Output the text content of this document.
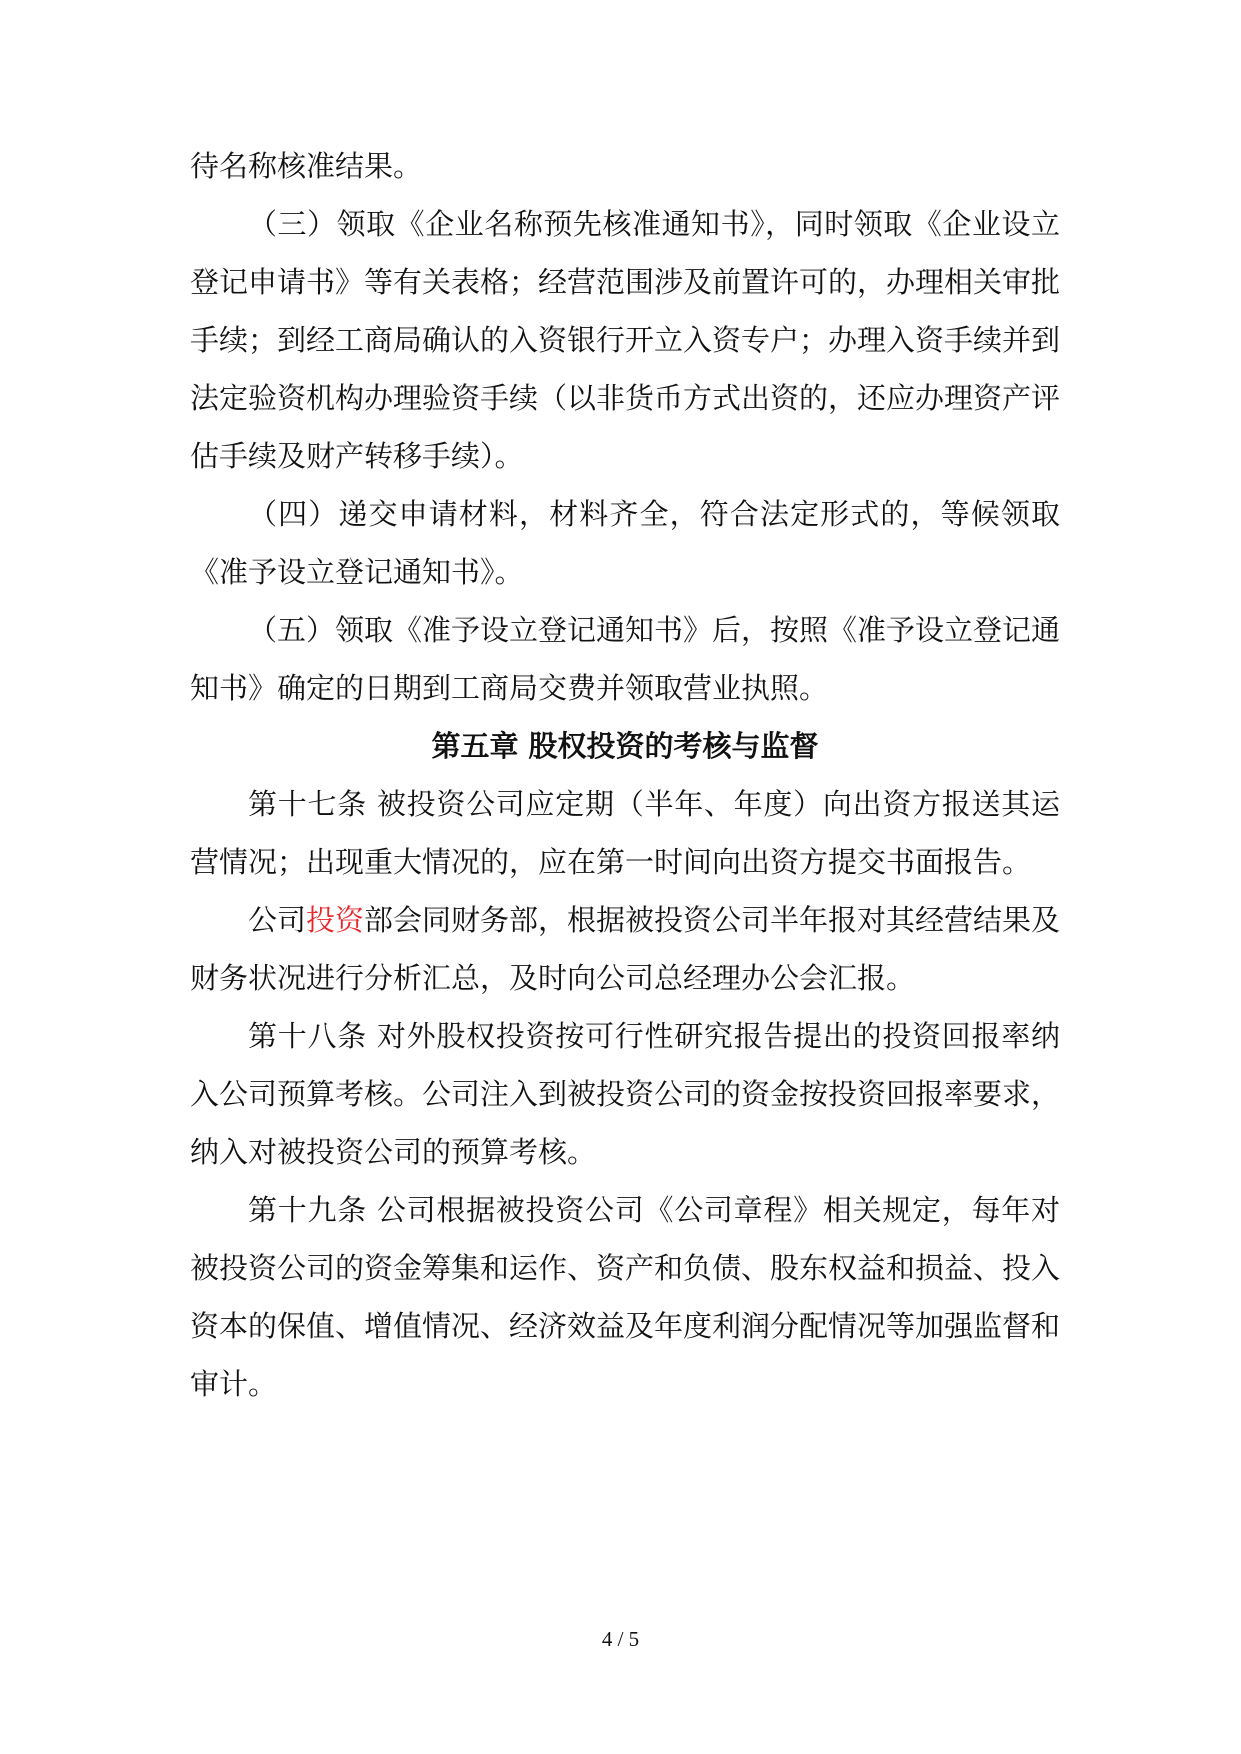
待名称核准结果。
（三）领取《企业名称预先核准通知书》，同时领取《企业设立
登记申请书》等有关表格；经营范围涉及前置许可的，办理相关审批
手续；到经工商局确认的入资银行开立入资专户；办理入资手续并到
法定验资机构办理验资手续（以非货币方式出资的，还应办理资产评
估手续及财产转移手续）。
（四）递交申请材料，材料齐全，符合法定形式的，等候领取
《准予设立登记通知书》。
（五）领取《准予设立登记通知书》后，按照《准予设立登记通
知书》确定的日期到工商局交费并领取营业执照。
第五章 股权投资的考核与监督
第十七条 被投资公司应定期（半年、年度）向出资方报送其运
营情况；出现重大情况的，应在第一时间向出资方提交书面报告。
公司投资部会同财务部，根据被投资公司半年报对其经营结果及
财务状况进行分析汇总，及时向公司总经理办公会汇报。
第十八条 对外股权投资按可行性研究报告提出的投资回报率纳
入公司预算考核。公司注入到被投资公司的资金按投资回报率要求，
纳入对被投资公司的预算考核。
第十九条 公司根据被投资公司《公司章程》相关规定，每年对
被投资公司的资金筹集和运作、资产和负债、股东权益和损益、投入
资本的保值、增值情况、经济效益及年度利润分配情况等加强监督和
审计。
4 / 5
